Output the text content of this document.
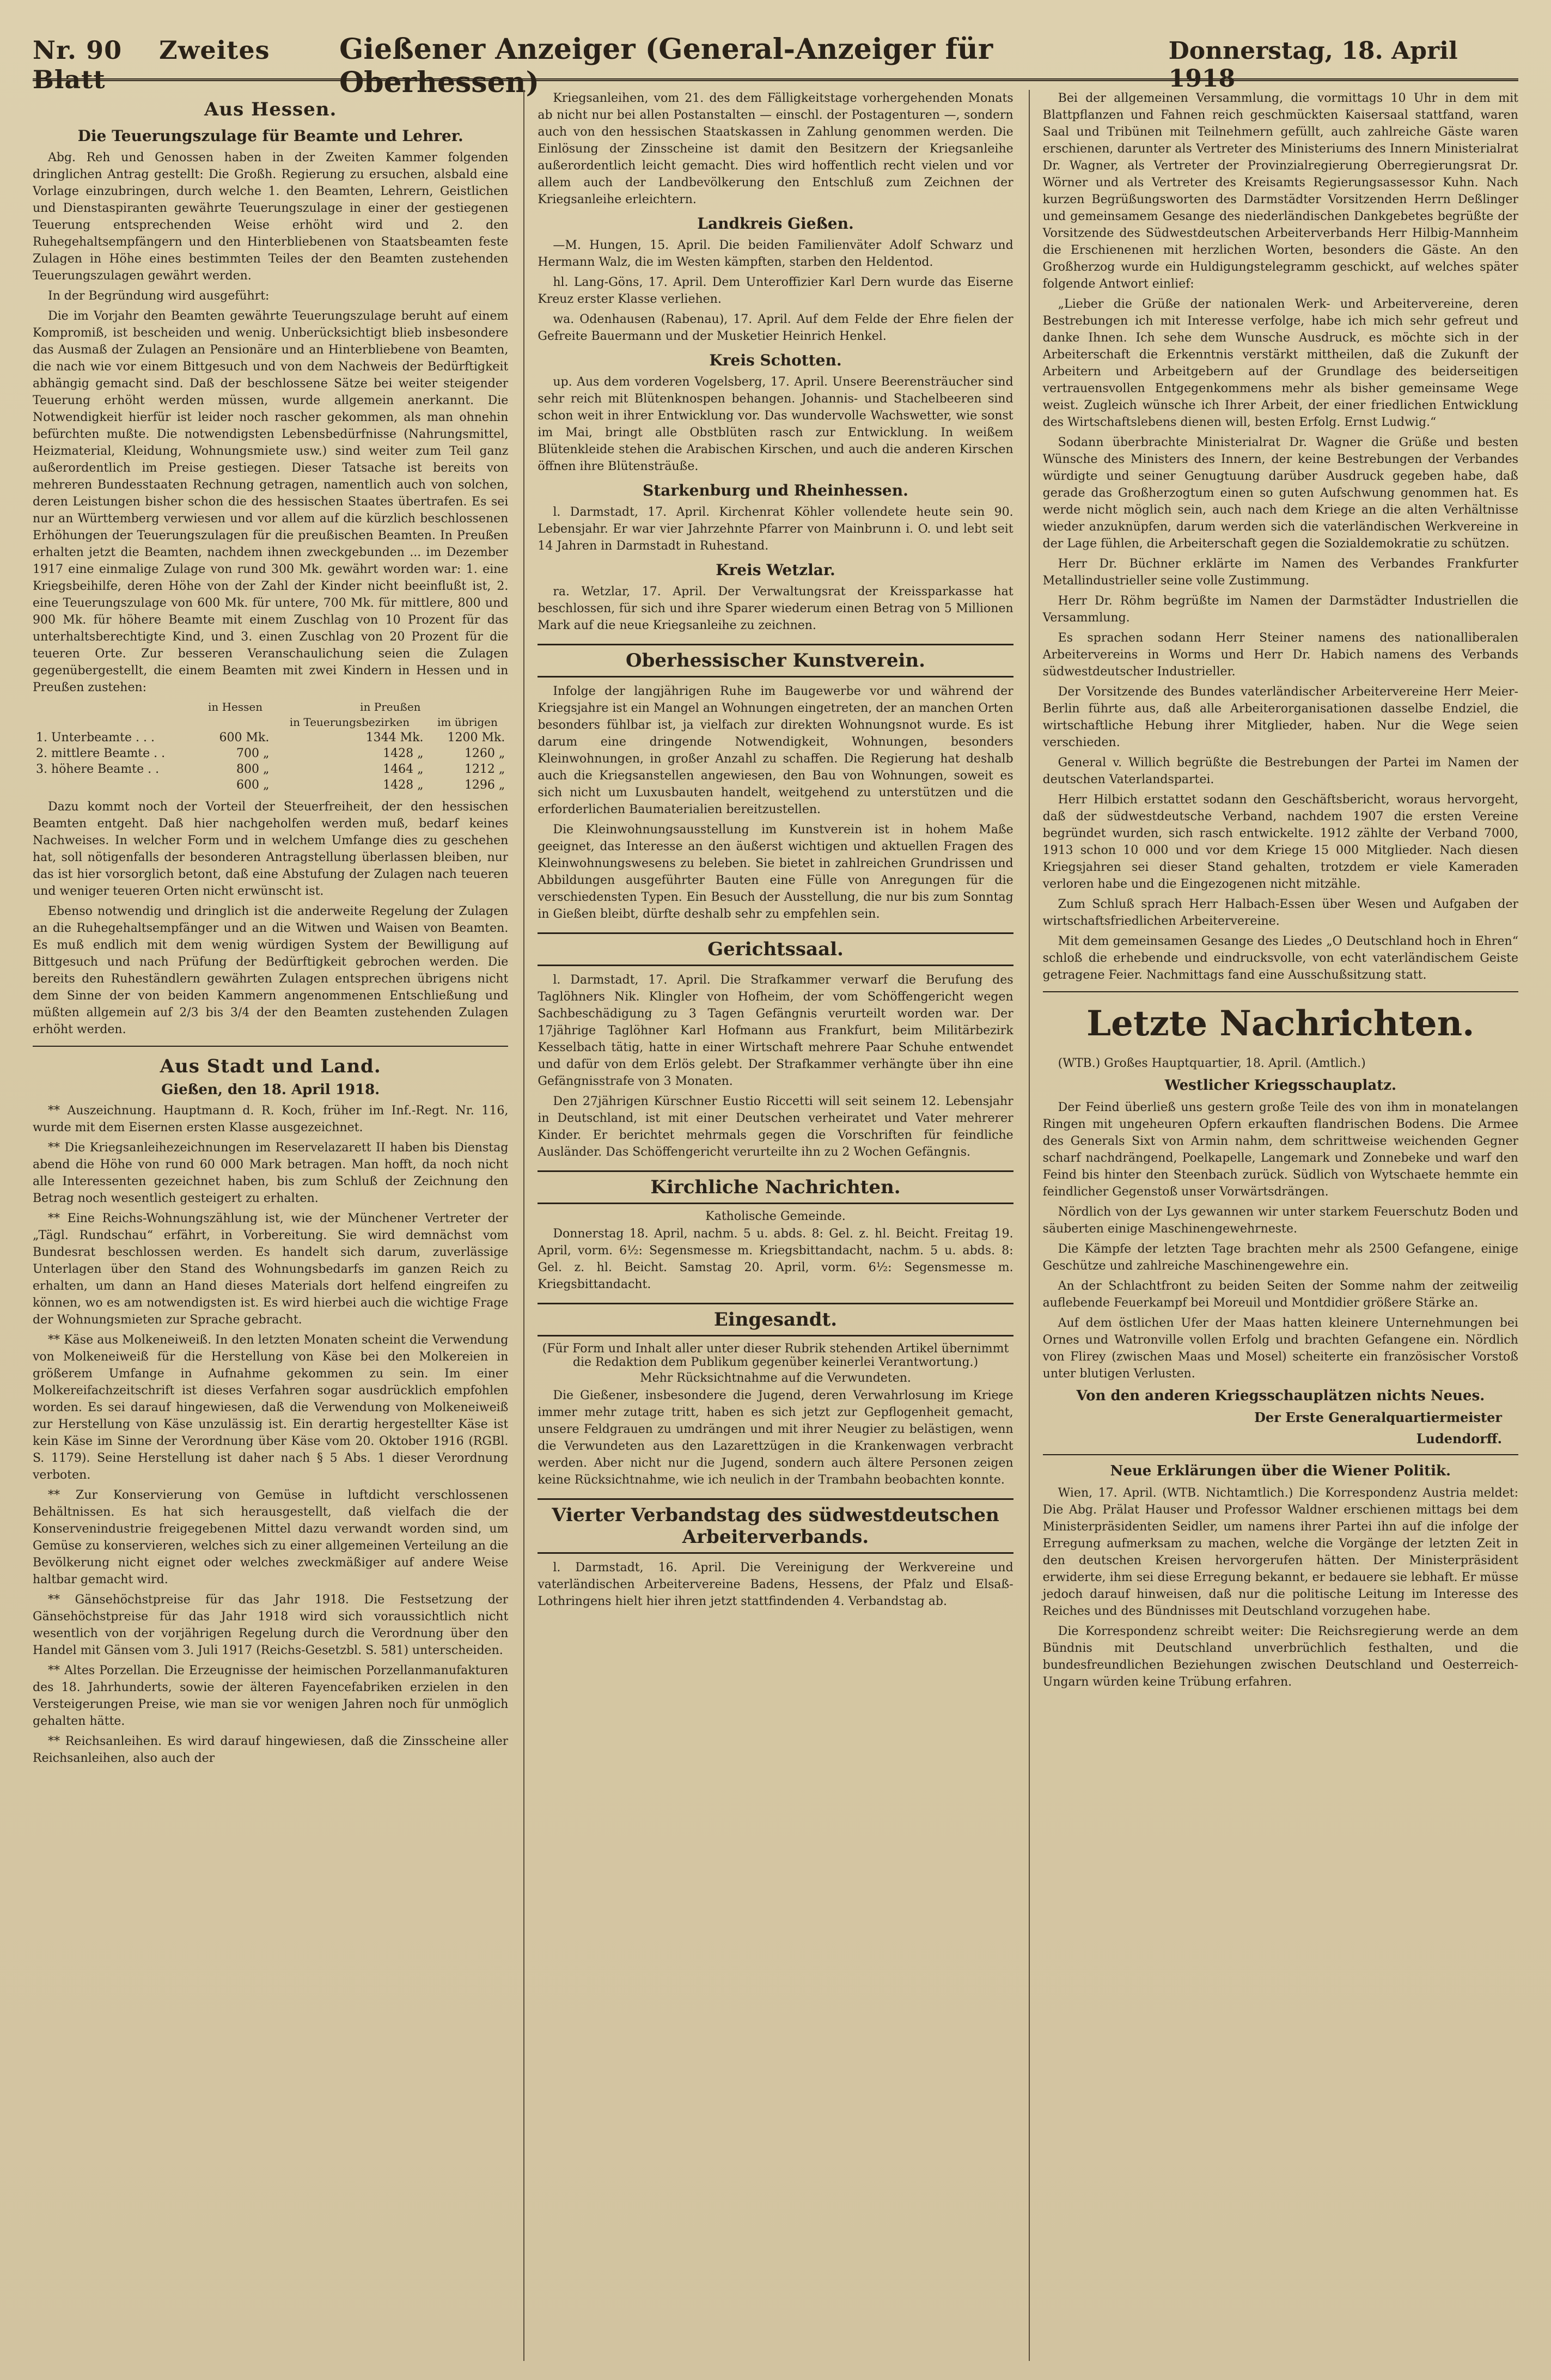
Nr. 90 Zweites Blatt
Gießener Anzeiger (General-Anzeiger für Oberhessen)
Donnerstag, 18. April 1918
Aus Hessen.
Die Teuerungszulage für Beamte und Lehrer.

Abg. Reh und Genossen haben in der Zweiten Kammer folgenden dringlichen Antrag gestellt: Die Großh. Regierung zu ersuchen, alsbald eine Vorlage einzubringen, durch welche 1. den Beamten, Lehrern, Geistlichen und Dienstaspiranten gewährte Teuerungszulage in einer der gestiegenen Teuerung entsprechenden Weise erhöht wird und 2. den Ruhegehaltsempfängern und den Hinterbliebenen von Staatsbeamten feste Zulagen in Höhe eines bestimmten Teiles der den Beamten zustehenden Teuerungszulagen gewährt werden.

In der Begründung wird ausgeführt:

Die im Vorjahr den Beamten gewährte Teuerungszulage beruht auf einem Kompromiß, ist bescheiden und wenig. Unberücksichtigt blieb insbesondere das Ausmaß der Zulagen an Pensionäre und an Hinterbliebene von Beamten, die nach wie vor einem Bittgesuch und von dem Nachweis der Bedürftigkeit abhängig gemacht sind. Daß der beschlossene Sätze bei weiter steigender Teuerung erhöht werden müssen, wurde allgemein anerkannt. Die Notwendigkeit hierfür ist leider noch rascher gekommen, als man ohnehin befürchten mußte. Die notwendigsten Lebensbedürfnisse (Nahrungsmittel, Heizmaterial, Kleidung, Wohnungsmiete usw.) sind weiter zum Teil ganz außerordentlich im Preise gestiegen. Dieser Tatsache ist bereits von mehreren Bundesstaaten Rechnung getragen, namentlich auch von solchen, deren Leistungen bisher schon die des hessischen Staates übertrafen. Es sei nur an Württemberg verwiesen und vor allem auf die kürzlich beschlossenen Erhöhungen der Teuerungszulagen für die preußischen Beamten. In Preußen erhalten jetzt die Beamten, nachdem ihnen zweckgebunden ... im Dezember 1917 eine einmalige Zulage von rund 300 Mk. gewährt worden war: 1. eine Kriegsbeihilfe, deren Höhe von der Zahl der Kinder nicht beeinflußt ist, 2. eine Teuerungszulage von 600 Mk. für untere, 700 Mk. für mittlere, 800 und 900 Mk. für höhere Beamte mit einem Zuschlag von 10 Prozent für das unterhaltsberechtigte Kind, und 3. einen Zuschlag von 20 Prozent für die teueren Orte. Zur besseren Veranschaulichung seien die Zulagen gegenübergestellt, die einem Beamten mit zwei Kindern in Hessen und in Preußen zustehen:

	in Hessen	in Preußen	
		in Teuerungsbezirken	im übrigen
1. Unterbeamte . . .	600 Mk.	1344 Mk.	1200 Mk.
2. mittlere Beamte . .	700 „	1428 „	1260 „
3. höhere Beamte . .	800 „	1464 „	1212 „
	600 „	1428 „	1296 „

Dazu kommt noch der Vorteil der Steuerfreiheit, der den hessischen Beamten entgeht. Daß hier nachgeholfen werden muß, bedarf keines Nachweises. In welcher Form und in welchem Umfange dies zu geschehen hat, soll nötigenfalls der besonderen Antragstellung überlassen bleiben, nur das ist hier vorsorglich betont, daß eine Abstufung der Zulagen nach teueren und weniger teueren Orten nicht erwünscht ist.

Ebenso notwendig und dringlich ist die anderweite Regelung der Zulagen an die Ruhegehaltsempfänger und an die Witwen und Waisen von Beamten. Es muß endlich mit dem wenig würdigen System der Bewilligung auf Bittgesuch und nach Prüfung der Bedürftigkeit gebrochen werden. Die bereits den Ruheständlern gewährten Zulagen entsprechen übrigens nicht dem Sinne der von beiden Kammern angenommenen Entschließung und müßten allgemein auf 2/3 bis 3/4 der den Beamten zustehenden Zulagen erhöht werden.

Aus Stadt und Land.
Gießen, den 18. April 1918.

** Auszeichnung. Hauptmann d. R. Koch, früher im Inf.-Regt. Nr. 116, wurde mit dem Eisernen ersten Klasse ausgezeichnet.

** Die Kriegsanleihezeichnungen im Reservelazarett II haben bis Dienstag abend die Höhe von rund 60 000 Mark betragen. Man hofft, da noch nicht alle Interessenten gezeichnet haben, bis zum Schluß der Zeichnung den Betrag noch wesentlich gesteigert zu erhalten.

** Eine Reichs-Wohnungszählung ist, wie der Münchener Vertreter der „Tägl. Rundschau“ erfährt, in Vorbereitung. Sie wird demnächst vom Bundesrat beschlossen werden. Es handelt sich darum, zuverlässige Unterlagen über den Stand des Wohnungsbedarfs im ganzen Reich zu erhalten, um dann an Hand dieses Materials dort helfend eingreifen zu können, wo es am notwendigsten ist. Es wird hierbei auch die wichtige Frage der Wohnungsmieten zur Sprache gebracht.

** Käse aus Molkeneiweiß. In den letzten Monaten scheint die Verwendung von Molkeneiweiß für die Herstellung von Käse bei den Molkereien in größerem Umfange in Aufnahme gekommen zu sein. Im einer Molkereifachzeitschrift ist dieses Verfahren sogar ausdrücklich empfohlen worden. Es sei darauf hingewiesen, daß die Verwendung von Molkeneiweiß zur Herstellung von Käse unzulässig ist. Ein derartig hergestellter Käse ist kein Käse im Sinne der Verordnung über Käse vom 20. Oktober 1916 (RGBl. S. 1179). Seine Herstellung ist daher nach § 5 Abs. 1 dieser Verordnung verboten.

** Zur Konservierung von Gemüse in luftdicht verschlossenen Behältnissen. Es hat sich herausgestellt, daß vielfach die der Konservenindustrie freigegebenen Mittel dazu verwandt worden sind, um Gemüse zu konservieren, welches sich zu einer allgemeinen Verteilung an die Bevölkerung nicht eignet oder welches zweckmäßiger auf andere Weise haltbar gemacht wird.

** Gänsehöchstpreise für das Jahr 1918. Die Festsetzung der Gänsehöchstpreise für das Jahr 1918 wird sich voraussichtlich nicht wesentlich von der vorjährigen Regelung durch die Verordnung über den Handel mit Gänsen vom 3. Juli 1917 (Reichs-Gesetzbl. S. 581) unterscheiden.

** Altes Porzellan. Die Erzeugnisse der heimischen Porzellanmanufakturen des 18. Jahrhunderts, sowie der älteren Fayencefabriken erzielen in den Versteigerungen Preise, wie man sie vor wenigen Jahren noch für unmöglich gehalten hätte.

** Reichsanleihen. Es wird darauf hingewiesen, daß die Zinsscheine aller Reichsanleihen, also auch der

Kriegsanleihen, vom 21. des dem Fälligkeitstage vorhergehenden Monats ab nicht nur bei allen Postanstalten — einschl. der Postagenturen —, sondern auch von den hessischen Staatskassen in Zahlung genommen werden. Die Einlösung der Zinsscheine ist damit den Besitzern der Kriegsanleihe außerordentlich leicht gemacht. Dies wird hoffentlich recht vielen und vor allem auch der Landbevölkerung den Entschluß zum Zeichnen der Kriegsanleihe erleichtern.

Landkreis Gießen.

—M. Hungen, 15. April. Die beiden Familienväter Adolf Schwarz und Hermann Walz, die im Westen kämpften, starben den Heldentod.

hl. Lang-Göns, 17. April. Dem Unteroffizier Karl Dern wurde das Eiserne Kreuz erster Klasse verliehen.

wa. Odenhausen (Rabenau), 17. April. Auf dem Felde der Ehre fielen der Gefreite Bauermann und der Musketier Heinrich Henkel.

Kreis Schotten.

up. Aus dem vorderen Vogelsberg, 17. April. Unsere Beerensträucher sind sehr reich mit Blütenknospen behangen. Johannis- und Stachelbeeren sind schon weit in ihrer Entwicklung vor. Das wundervolle Wachswetter, wie sonst im Mai, bringt alle Obstblüten rasch zur Entwicklung. In weißem Blütenkleide stehen die Arabischen Kirschen, und auch die anderen Kirschen öffnen ihre Blütensträuße.

Starkenburg und Rheinhessen.

l. Darmstadt, 17. April. Kirchenrat Köhler vollendete heute sein 90. Lebensjahr. Er war vier Jahrzehnte Pfarrer von Mainbrunn i. O. und lebt seit 14 Jahren in Darmstadt in Ruhestand.

Kreis Wetzlar.

ra. Wetzlar, 17. April. Der Verwaltungsrat der Kreissparkasse hat beschlossen, für sich und ihre Sparer wiederum einen Betrag von 5 Millionen Mark auf die neue Kriegsanleihe zu zeichnen.

Oberhessischer Kunstverein.

Infolge der langjährigen Ruhe im Baugewerbe vor und während der Kriegsjahre ist ein Mangel an Wohnungen eingetreten, der an manchen Orten besonders fühlbar ist, ja vielfach zur direkten Wohnungsnot wurde. Es ist darum eine dringende Notwendigkeit, Wohnungen, besonders Kleinwohnungen, in großer Anzahl zu schaffen. Die Regierung hat deshalb auch die Kriegsanstellen angewiesen, den Bau von Wohnungen, soweit es sich nicht um Luxusbauten handelt, weitgehend zu unterstützen und die erforderlichen Baumaterialien bereitzustellen.

Die Kleinwohnungsausstellung im Kunstverein ist in hohem Maße geeignet, das Interesse an den äußerst wichtigen und aktuellen Fragen des Kleinwohnungswesens zu beleben. Sie bietet in zahlreichen Grundrissen und Abbildungen ausgeführter Bauten eine Fülle von Anregungen für die verschiedensten Typen. Ein Besuch der Ausstellung, die nur bis zum Sonntag in Gießen bleibt, dürfte deshalb sehr zu empfehlen sein.

Gerichtssaal.

l. Darmstadt, 17. April. Die Strafkammer verwarf die Berufung des Taglöhners Nik. Klingler von Hofheim, der vom Schöffengericht wegen Sachbeschädigung zu 3 Tagen Gefängnis verurteilt worden war. Der 17jährige Taglöhner Karl Hofmann aus Frankfurt, beim Militärbezirk Kesselbach tätig, hatte in einer Wirtschaft mehrere Paar Schuhe entwendet und dafür von dem Erlös gelebt. Der Strafkammer verhängte über ihn eine Gefängnisstrafe von 3 Monaten.

Den 27jährigen Kürschner Eustio Riccetti will seit seinem 12. Lebensjahr in Deutschland, ist mit einer Deutschen verheiratet und Vater mehrerer Kinder. Er berichtet mehrmals gegen die Vorschriften für feindliche Ausländer. Das Schöffengericht verurteilte ihn zu 2 Wochen Gefängnis.

Kirchliche Nachrichten.
Katholische Gemeinde.

Donnerstag 18. April, nachm. 5 u. abds. 8: Gel. z. hl. Beicht. Freitag 19. April, vorm. 6½: Segensmesse m. Kriegsbittandacht, nachm. 5 u. abds. 8: Gel. z. hl. Beicht. Samstag 20. April, vorm. 6½: Segensmesse m. Kriegsbittandacht.

Eingesandt.
(Für Form und Inhalt aller unter dieser Rubrik stehenden Artikel übernimmt die Redaktion dem Publikum gegenüber keinerlei Verantwortung.)
Mehr Rücksichtnahme auf die Verwundeten.

Die Gießener, insbesondere die Jugend, deren Verwahrlosung im Kriege immer mehr zutage tritt, haben es sich jetzt zur Gepflogenheit gemacht, unsere Feldgrauen zu umdrängen und mit ihrer Neugier zu belästigen, wenn die Verwundeten aus den Lazarettzügen in die Krankenwagen verbracht werden. Aber nicht nur die Jugend, sondern auch ältere Personen zeigen keine Rücksichtnahme, wie ich neulich in der Trambahn beobachten konnte.

Vierter Verbandstag des südwestdeutschen Arbeiterverbands.

l. Darmstadt, 16. April. Die Vereinigung der Werkvereine und vaterländischen Arbeitervereine Badens, Hessens, der Pfalz und Elsaß-Lothringens hielt hier ihren jetzt stattfindenden 4. Verbandstag ab.

Bei der allgemeinen Versammlung, die vormittags 10 Uhr in dem mit Blattpflanzen und Fahnen reich geschmückten Kaisersaal stattfand, waren Saal und Tribünen mit Teilnehmern gefüllt, auch zahlreiche Gäste waren erschienen, darunter als Vertreter des Ministeriums des Innern Ministerialrat Dr. Wagner, als Vertreter der Provinzialregierung Oberregierungsrat Dr. Wörner und als Vertreter des Kreisamts Regierungsassessor Kuhn. Nach kurzen Begrüßungsworten des Darmstädter Vorsitzenden Herrn Deßlinger und gemeinsamem Gesange des niederländischen Dankgebetes begrüßte der Vorsitzende des Südwestdeutschen Arbeiterverbands Herr Hilbig-Mannheim die Erschienenen mit herzlichen Worten, besonders die Gäste. An den Großherzog wurde ein Huldigungstelegramm geschickt, auf welches später folgende Antwort einlief:

„Lieber die Grüße der nationalen Werk- und Arbeitervereine, deren Bestrebungen ich mit Interesse verfolge, habe ich mich sehr gefreut und danke Ihnen. Ich sehe dem Wunsche Ausdruck, es möchte sich in der Arbeiterschaft die Erkenntnis verstärkt mittheilen, daß die Zukunft der Arbeitern und Arbeitgebern auf der Grundlage des beiderseitigen vertrauensvollen Entgegenkommens mehr als bisher gemeinsame Wege weist. Zugleich wünsche ich Ihrer Arbeit, der einer friedlichen Entwicklung des Wirtschaftslebens dienen will, besten Erfolg. Ernst Ludwig.“

Sodann überbrachte Ministerialrat Dr. Wagner die Grüße und besten Wünsche des Ministers des Innern, der keine Bestrebungen der Verbandes würdigte und seiner Genugtuung darüber Ausdruck gegeben habe, daß gerade das Großherzogtum einen so guten Aufschwung genommen hat. Es werde nicht möglich sein, auch nach dem Kriege an die alten Verhältnisse wieder anzuknüpfen, darum werden sich die vaterländischen Werkvereine in der Lage fühlen, die Arbeiterschaft gegen die Sozialdemokratie zu schützen.

Herr Dr. Büchner erklärte im Namen des Verbandes Frankfurter Metallindustrieller seine volle Zustimmung.

Herr Dr. Röhm begrüßte im Namen der Darmstädter Industriellen die Versammlung.

Es sprachen sodann Herr Steiner namens des nationalliberalen Arbeitervereins in Worms und Herr Dr. Habich namens des Verbands südwestdeutscher Industrieller.

Der Vorsitzende des Bundes vaterländischer Arbeitervereine Herr Meier-Berlin führte aus, daß alle Arbeiterorganisationen dasselbe Endziel, die wirtschaftliche Hebung ihrer Mitglieder, haben. Nur die Wege seien verschieden.

General v. Willich begrüßte die Bestrebungen der Partei im Namen der deutschen Vaterlandspartei.

Herr Hilbich erstattet sodann den Geschäftsbericht, woraus hervorgeht, daß der südwestdeutsche Verband, nachdem 1907 die ersten Vereine begründet wurden, sich rasch entwickelte. 1912 zählte der Verband 7000, 1913 schon 10 000 und vor dem Kriege 15 000 Mitglieder. Nach diesen Kriegsjahren sei dieser Stand gehalten, trotzdem er viele Kameraden verloren habe und die Eingezogenen nicht mitzähle.

Zum Schluß sprach Herr Halbach-Essen über Wesen und Aufgaben der wirtschaftsfriedlichen Arbeitervereine.

Mit dem gemeinsamen Gesange des Liedes „O Deutschland hoch in Ehren“ schloß die erhebende und eindrucksvolle, von echt vaterländischem Geiste getragene Feier. Nachmittags fand eine Ausschußsitzung statt.

Letzte Nachrichten.

(WTB.) Großes Hauptquartier, 18. April. (Amtlich.)

Westlicher Kriegsschauplatz.

Der Feind überließ uns gestern große Teile des von ihm in monatelangen Ringen mit ungeheuren Opfern erkauften flandrischen Bodens. Die Armee des Generals Sixt von Armin nahm, dem schrittweise weichenden Gegner scharf nachdrängend, Poelkapelle, Langemark und Zonnebeke und warf den Feind bis hinter den Steenbach zurück. Südlich von Wytschaete hemmte ein feindlicher Gegenstoß unser Vorwärtsdrängen.

Nördlich von der Lys gewannen wir unter starkem Feuerschutz Boden und säuberten einige Maschinengewehrneste.

Die Kämpfe der letzten Tage brachten mehr als 2500 Gefangene, einige Geschütze und zahlreiche Maschinengewehre ein.

An der Schlachtfront zu beiden Seiten der Somme nahm der zeitweilig auflebende Feuerkampf bei Moreuil und Montdidier größere Stärke an.

Auf dem östlichen Ufer der Maas hatten kleinere Unternehmungen bei Ornes und Watronville vollen Erfolg und brachten Gefangene ein. Nördlich von Flirey (zwischen Maas und Mosel) scheiterte ein französischer Vorstoß unter blutigen Verlusten.

Von den anderen Kriegsschauplätzen nichts Neues.
Der Erste Generalquartiermeister
Ludendorff.
Neue Erklärungen über die Wiener Politik.

Wien, 17. April. (WTB. Nichtamtlich.) Die Korrespondenz Austria meldet: Die Abg. Prälat Hauser und Professor Waldner erschienen mittags bei dem Ministerpräsidenten Seidler, um namens ihrer Partei ihn auf die infolge der Erregung aufmerksam zu machen, welche die Vorgänge der letzten Zeit in den deutschen Kreisen hervorgerufen hätten. Der Ministerpräsident erwiderte, ihm sei diese Erregung bekannt, er bedauere sie lebhaft. Er müsse jedoch darauf hinweisen, daß nur die politische Leitung im Interesse des Reiches und des Bündnisses mit Deutschland vorzugehen habe.

Die Korrespondenz schreibt weiter: Die Reichsregierung werde an dem Bündnis mit Deutschland unverbrüchlich festhalten, und die bundesfreundlichen Beziehungen zwischen Deutschland und Oesterreich-Ungarn würden keine Trübung erfahren.
